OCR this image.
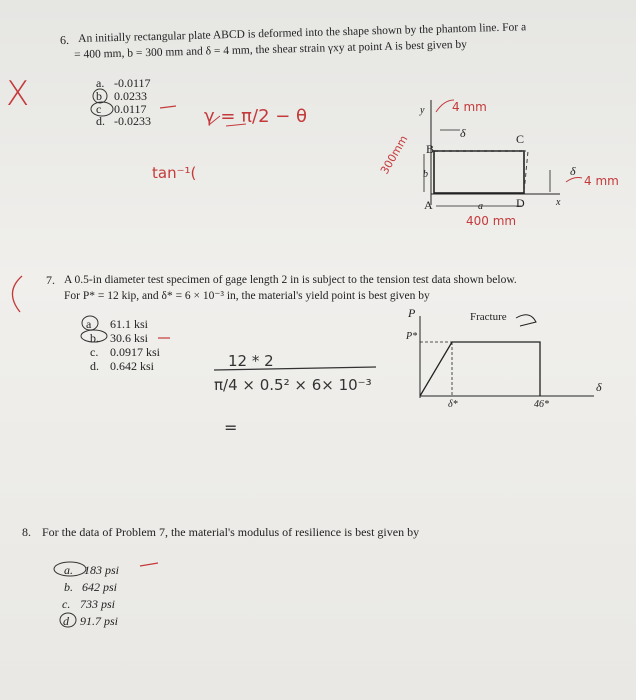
6. An initially rectangular plate ABCD is deformed into the shape shown by the phantom line. For a
= 400 mm, b = 300 mm and δ = 4 mm, the shear strain γxy at point A is best given by
a. -0.0117
b 0.0233
c 0.0117
d. -0.0233
X
γ = π/2 − θ
tan⁻¹(
4 mm
4 mm
300mm
400 mm
y
δ
B
C
b
A	a	D
δ
x
7. A 0.5-in diameter test specimen of gage length 2 in is subject to the tension test data shown below.
For P* = 12 kip, and δ* = 6 × 10⁻³ in, the material's yield point is best given by
a 61.1 ksi
b. 30.6 ksi
c. 0.0917 ksi
d. 0.642 ksi	12 * 2
π/4 × 0.5² × 6× 10⁻³
=
P
P*
Fracture
δ*	46*
δ
8. For the data of Problem 7, the material's modulus of resilience is best given by
a. 183 psi
b. 642 psi
c. 733 psi
d 91.7 psi
